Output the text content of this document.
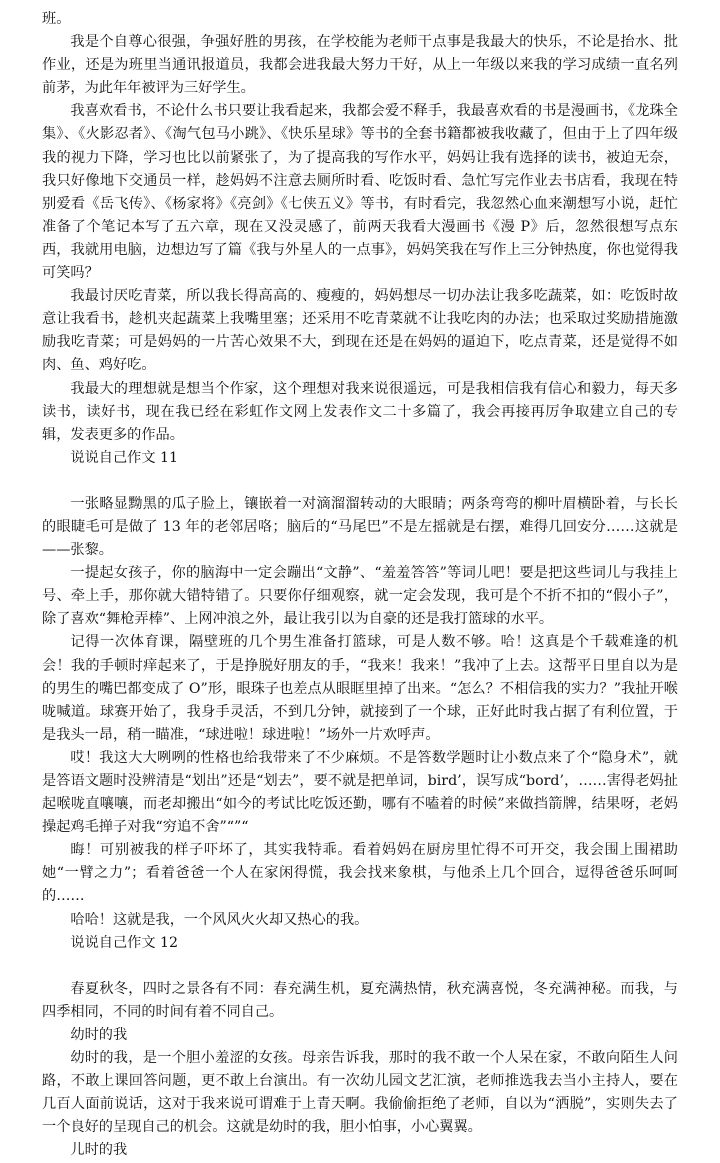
班。

我是个自尊心很强，争强好胜的男孩，在学校能为老师干点事是我最大的快乐，不论是抬水、批作业，还是为班里当通讯报道员，我都会进我最大努力干好，从上一年级以来我的学习成绩一直名列前茅，为此年年被评为三好学生。

我喜欢看书，不论什么书只要让我看起来，我都会爱不释手，我最喜欢看的书是漫画书，《龙珠全集》、《火影忍者》、《淘气包马小跳》、《快乐星球》等书的全套书籍都被我收藏了，但由于上了四年级我的视力下降，学习也比以前紧张了，为了提高我的写作水平，妈妈让我有选择的读书，被迫无奈，我只好像地下交通员一样，趁妈妈不注意去厕所时看、吃饭时看、急忙写完作业去书店看，我现在特别爱看《岳飞传》、《杨家将》《亮剑》《七侠五义》等书，有时看完，我忽然心血来潮想写小说，赶忙准备了个笔记本写了五六章，现在又没灵感了，前两天我看大漫画书《漫 P》后，忽然很想写点东西，我就用电脑，边想边写了篇《我与外星人的一点事》，妈妈笑我在写作上三分钟热度，你也觉得我可笑吗？

我最讨厌吃青菜，所以我长得高高的、瘦瘦的，妈妈想尽一切办法让我多吃蔬菜，如：吃饭时故意让我看书，趁机夹起蔬菜上我嘴里塞；还采用不吃青菜就不让我吃肉的办法；也采取过奖励措施激励我吃青菜；可是妈妈的一片苦心效果不大，到现在还是在妈妈的逼迫下，吃点青菜，还是觉得不如肉、鱼、鸡好吃。

我最大的理想就是想当个作家，这个理想对我来说很遥远，可是我相信我有信心和毅力，每天多读书，读好书，现在我已经在彩虹作文网上发表作文二十多篇了，我会再接再厉争取建立自己的专辑，发表更多的作品。

说说自己作文 11

一张略显黝黑的瓜子脸上，镶嵌着一对滴溜溜转动的大眼睛；两条弯弯的柳叶眉横卧着，与长长的眼睫毛可是做了 13 年的老邻居咯；脑后的“马尾巴”不是左摇就是右摆，难得几回安分……这就是——张黎。

一提起女孩子，你的脑海中一定会蹦出“文静”、“羞羞答答”等词儿吧！要是把这些词儿与我挂上号、牵上手，那你就大错特错了。只要你仔细观察，就一定会发现，我可是个不折不扣的“假小子”，除了喜欢“舞枪弄棒”、上网冲浪之外，最让我引以为自豪的还是我打篮球的水平。

记得一次体育课，隔壁班的几个男生准备打篮球，可是人数不够。哈！这真是个千载难逢的机会！我的手顿时痒起来了，于是挣脱好朋友的手，“我来！我来！”我冲了上去。这帮平日里自以为是的男生的嘴巴都变成了 O”形，眼珠子也差点从眼眶里掉了出来。“怎么？不相信我的实力？”我扯开喉咙喊道。球赛开始了，我身手灵活，不到几分钟，就接到了一个球，正好此时我占据了有利位置，于是我头一昂，稍一瞄准，“球进啦！球进啦！”场外一片欢呼声。

哎！我这大大咧咧的性格也给我带来了不少麻烦。不是答数学题时让小数点来了个“隐身术”，就是答语文题时没辨清是“划出”还是“划去”，要不就是把单词，bird’，误写成“bord’，……害得老妈扯起喉咙直嚷嚷，而老却搬出“如今的考试比吃饭还勤，哪有不嗑着的时候”来做挡箭牌，结果呀，老妈操起鸡毛掸子对我“穷追不舍”“”“

晦！可别被我的样子吓坏了，其实我特乖。看着妈妈在厨房里忙得不可开交，我会围上围裙助她“一臂之力”；看着爸爸一个人在家闲得慌，我会找来象棋，与他杀上几个回合，逗得爸爸乐呵呵的……

哈哈！这就是我，一个风风火火却又热心的我。

说说自己作文 12

春夏秋冬，四时之景各有不同：春充满生机，夏充满热情，秋充满喜悦，冬充满神秘。而我，与四季相同，不同的时间有着不同自己。

幼时的我

幼时的我，是一个胆小羞涩的女孩。母亲告诉我，那时的我不敢一个人呆在家，不敢向陌生人问路，不敢上课回答问题，更不敢上台演出。有一次幼儿园文艺汇演，老师推选我去当小主持人，要在几百人面前说话，这对于我来说可谓难于上青天啊。我偷偷拒绝了老师，自以为“洒脱”，实则失去了一个良好的呈现自己的机会。这就是幼时的我，胆小怕事，小心翼翼。

儿时的我
